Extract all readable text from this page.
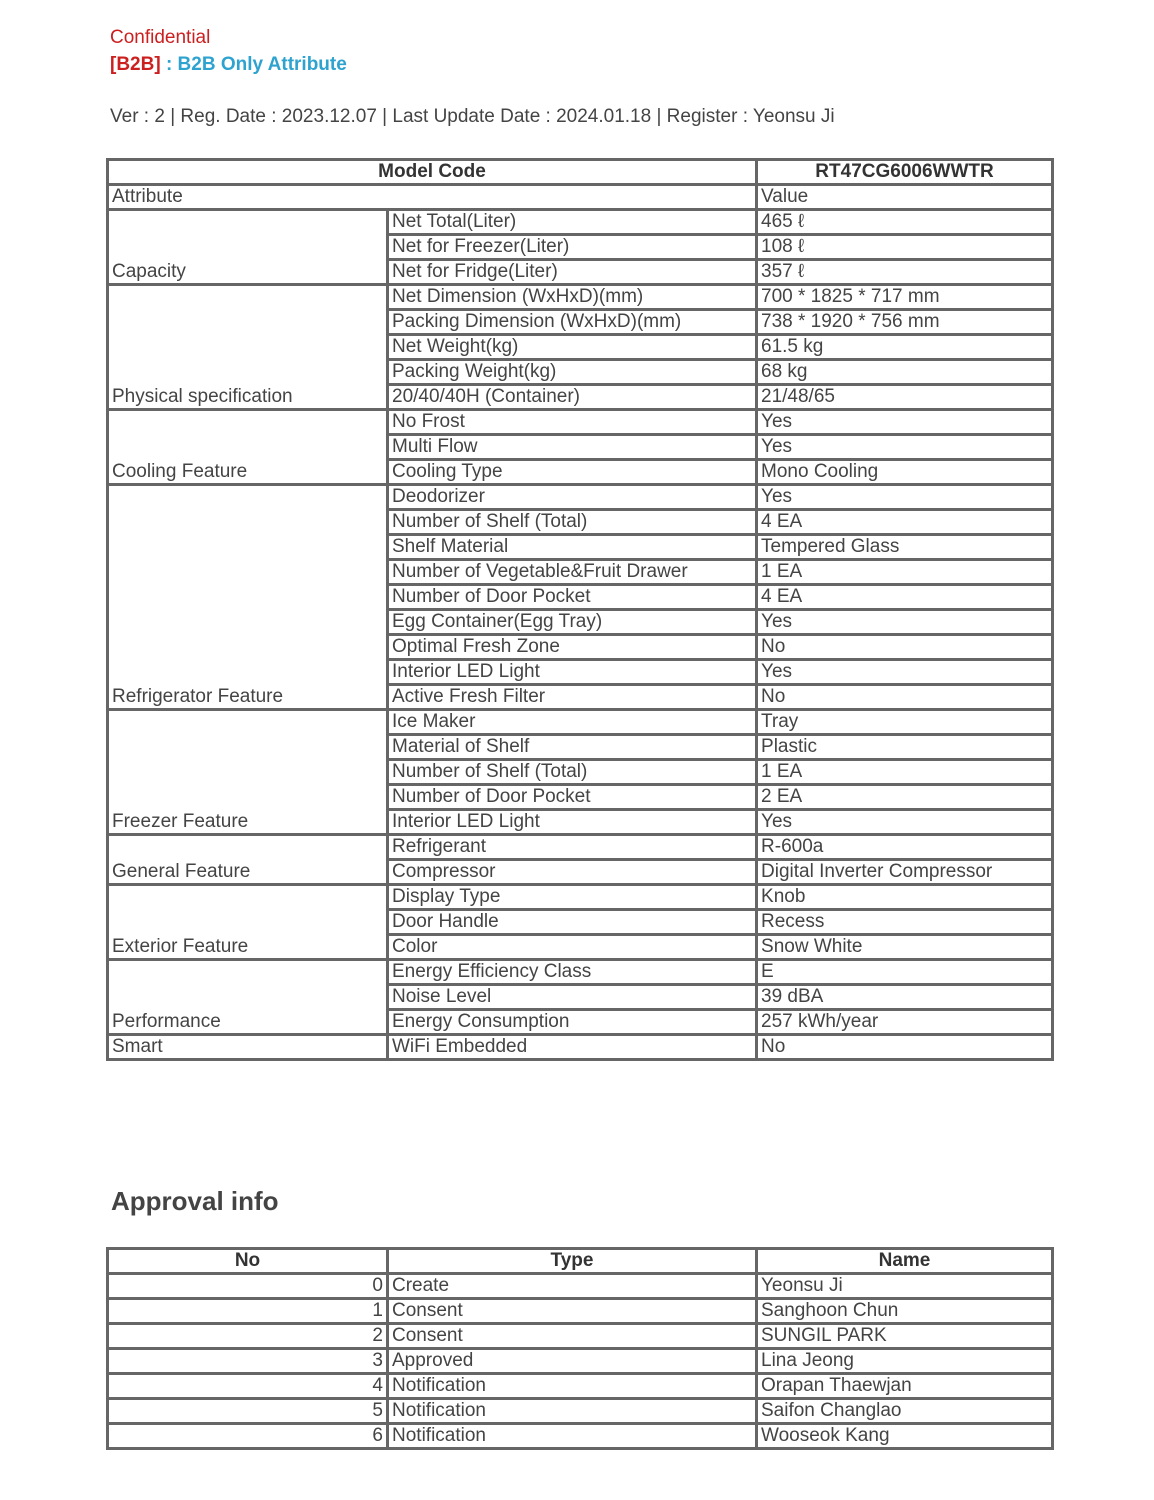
Confidential
[B2B] : B2B Only Attribute
Ver : 2 | Reg. Date : 2023.12.07 | Last Update Date : 2024.01.18 | Register : Yeonsu Ji
Model Code		RT47CG6006WWTR
Attribute		Value
Capacity	Net Total(Liter)	465 ℓ
	Net for Freezer(Liter)	108 ℓ
	Net for Fridge(Liter)	357 ℓ
Physical specification	Net Dimension (WxHxD)(mm)	700 * 1825 * 717 mm
	Packing Dimension (WxHxD)(mm)	738 * 1920 * 756 mm
	Net Weight(kg)	61.5 kg
	Packing Weight(kg)	68 kg
	20/40/40H (Container)	21/48/65
Cooling Feature	No Frost	Yes
	Multi Flow	Yes
	Cooling Type	Mono Cooling
Refrigerator Feature	Deodorizer	Yes
	Number of Shelf (Total)	4 EA
	Shelf Material	Tempered Glass
	Number of Vegetable&Fruit Drawer	1 EA
	Number of Door Pocket	4 EA
	Egg Container(Egg Tray)	Yes
	Optimal Fresh Zone	No
	Interior LED Light	Yes
	Active Fresh Filter	No
Freezer Feature	Ice Maker	Tray
	Material of Shelf	Plastic
	Number of Shelf (Total)	1 EA
	Number of Door Pocket	2 EA
	Interior LED Light	Yes
General Feature	Refrigerant	R-600a
	Compressor	Digital Inverter Compressor
Exterior Feature	Display Type	Knob
	Door Handle	Recess
	Color	Snow White
Performance	Energy Efficiency Class	E
	Noise Level	39 dBA
	Energy Consumption	257 kWh/year
Smart	WiFi Embedded	No
Approval info
No	Type	Name
0	Create	Yeonsu Ji
1	Consent	Sanghoon Chun
2	Consent	SUNGIL PARK
3	Approved	Lina Jeong
4	Notification	Orapan Thaewjan
5	Notification	Saifon Changlao
6	Notification	Wooseok Kang
